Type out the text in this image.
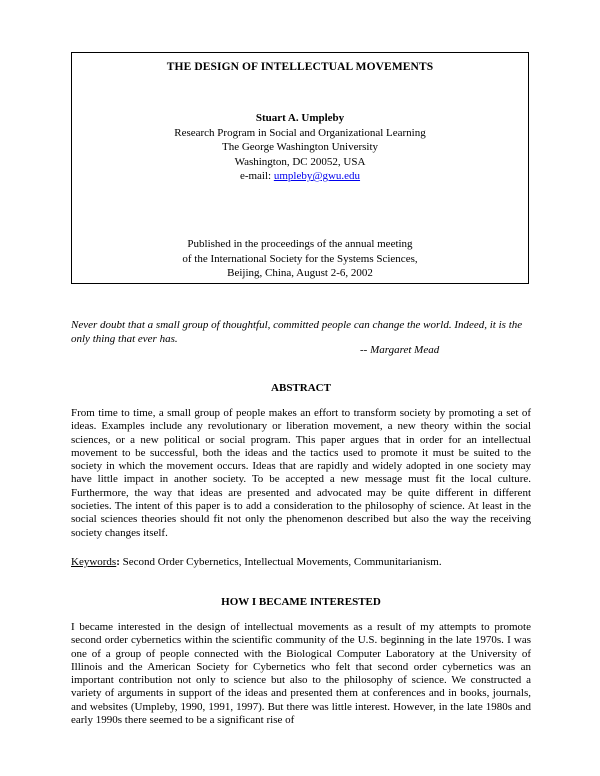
THE DESIGN OF INTELLECTUAL MOVEMENTS
Stuart A. Umpleby
Research Program in Social and Organizational Learning
The George Washington University
Washington, DC 20052, USA
e-mail: umpleby@gwu.edu
Published in the proceedings of the annual meeting
of the International Society for the Systems Sciences,
Beijing, China, August 2-6, 2002
Never doubt that a small group of thoughtful, committed people can change the world. Indeed, it is the only thing that ever has.
-- Margaret Mead
ABSTRACT
From time to time, a small group of people makes an effort to transform society by promoting a set of ideas. Examples include any revolutionary or liberation movement, a new theory within the social sciences, or a new political or social program. This paper argues that in order for an intellectual movement to be successful, both the ideas and the tactics used to promote it must be suited to the society in which the movement occurs. Ideas that are rapidly and widely adopted in one society may have little impact in another society. To be accepted a new message must fit the local culture. Furthermore, the way that ideas are presented and advocated may be quite different in different societies. The intent of this paper is to add a consideration to the philosophy of science. At least in the social sciences theories should fit not only the phenomenon described but also the way the receiving society changes itself.
Keywords: Second Order Cybernetics, Intellectual Movements, Communitarianism.
HOW I BECAME INTERESTED
I became interested in the design of intellectual movements as a result of my attempts to promote second order cybernetics within the scientific community of the U.S. beginning in the late 1970s. I was one of a group of people connected with the Biological Computer Laboratory at the University of Illinois and the American Society for Cybernetics who felt that second order cybernetics was an important contribution not only to science but also to the philosophy of science. We constructed a variety of arguments in support of the ideas and presented them at conferences and in books, journals, and websites (Umpleby, 1990, 1991, 1997). But there was little interest. However, in the late 1980s and early 1990s there seemed to be a significant rise of
